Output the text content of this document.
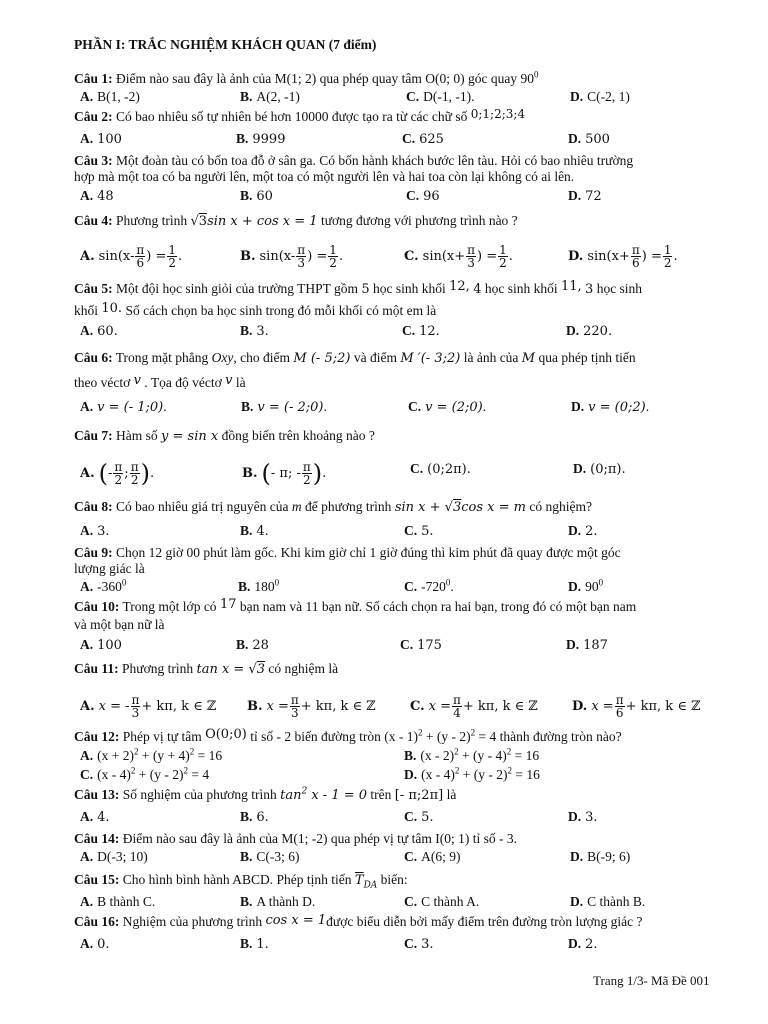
PHẦN I: TRẮC NGHIỆM KHÁCH QUAN (7 điểm)
Câu 1: Điểm nào sau đây là ảnh của M(1; 2) qua phép quay tâm O(0; 0) góc quay $90^0$
A. B(1, -2)	B. A(2, -1)	C. D(-1, -1).	D. C(-2, 1)
Câu 2: Có bao nhiêu số tự nhiên bé hơn 10000 được tạo ra từ các chữ số 0;1;2;3;4
A. 100	B. 9999	C. 625	D. 500
Câu 3: Một đoàn tàu có bốn toa đỗ ở sân ga. Có bốn hành khách bước lên tàu. Hỏi có bao nhiêu trường
hợp mà một toa có ba người lên, một toa có một người lên và hai toa còn lại không có ai lên.
A. 48	B. 60	C. 96	D. 72
Câu 4: Phương trình √3sin x + cos x = 1 tương đương với phương trình nào ?
A. $\sin(x- \frac{\pi}{6}$ ) = $\frac{1}{2}$ .	B. $\sin(x- \frac{\pi}{3}$ ) = $\frac{1}{2}$ .	C. $\sin(x+ \frac{\pi}{3}$ ) = $\frac{1}{2}$ .	D. $\sin(x+ \frac{\pi}{6}$ ) = $\frac{1}{2}$ .
Câu 5: Một đội học sinh giỏi của trường THPT gồm 5 học sinh khối 12, 4 học sinh khối 11, 3 học sinh
khối 10. Số cách chọn ba học sinh trong đó mỗi khối có một em là
A. 60.	B. 3.	C. 12.	D. 220.
Câu 6: Trong mặt phẳng Oxy, cho điểm M (- 5;2) và điểm M ′(- 3;2) là ảnh của M qua phép tịnh tiến
theo véctơ v . Tọa độ véctơ v là
A. v = (- 1;0).	B. v = (- 2;0).	C. v = (2;0).	D. v = (0;2).
Câu 7: Hàm số y = sin x đồng biến trên khoảng nào ?
A. (- $\frac{\pi}{2}$ ; $\frac{\pi}{2}$ ).	B. (- π; - $\frac{\pi}{2}$ ).	C. (0;2π).	D. (0;π).
Câu 8: Có bao nhiêu giá trị nguyên của m để phương trình sin x + √3cos x = m có nghiệm?
A. 3.	B. 4.	C. 5.	D. 2.
Câu 9: Chọn 12 giờ 00 phút làm gốc. Khi kim giờ chỉ 1 giờ đúng thì kim phút đã quay được một góc
lượng giác là
A. $-360^0$	B. $180^0$	C. $-720^0$.	D. $90^0$
Câu 10: Trong một lớp có 17 bạn nam và 11 bạn nữ. Số cách chọn ra hai bạn, trong đó có một bạn nam
và một bạn nữ là
A. 100	B. 28	C. 175	D. 187
Câu 11: Phương trình tan x = √3 có nghiệm là
A. x = - $\frac{\pi}{3} + k\pi$, k ∈ ℤ B. $x = \frac{\pi}{3} + k\pi$, k ∈ ℤ	C. $x = \frac{\pi}{4} + k\pi$, k ∈ ℤ	D. $x = \frac{\pi}{6} + k\pi$, k ∈ ℤ
Câu 12: Phép vị tự tâm O(0;0) tỉ số - 2 biến đường tròn (x - 1)$^2$ + (y - 2)$^2$ = 4 thành đường tròn nào?
A. $(x + 2)^2 + (y + 4)^2 = 16$	B. (x - 2)$^2$ + (y - 4)$^2$ = 16
C. (x - 4)$^2$ + (y - 2)$^2$ = 4	D. (x - 4)$^2$ + (y - 2)$^2$ = 16
Câu 13: Số nghiệm của phương trình $\tan^2 x - 1 = 0$ trên [- π;2π] là
A. 4.	B. 6.	C. 5.	D. 3.
Câu 14: Điểm nào sau đây là ảnh của M(1; -2) qua phép vị tự tâm I(0; 1) tỉ số - 3.
A. D(-3; 10)	B. C(-3; 6)	C. A(6; 9)	D. B(-9; 6)
Câu 15: Cho hình bình hành ABCD. Phép tịnh tiến $\overline{T}_{DA}$ biến:
A. B thành C.	B. A thành D.	C. C thành A.	D. C thành B.
Câu 16: Nghiệm của phương trình cos x = 1được biểu diễn bởi mấy điểm trên đường tròn lượng giác ?
A. 0.	B. 1.	C. 3.	D. 2.
Trang 1/3- Mã Đề 001
